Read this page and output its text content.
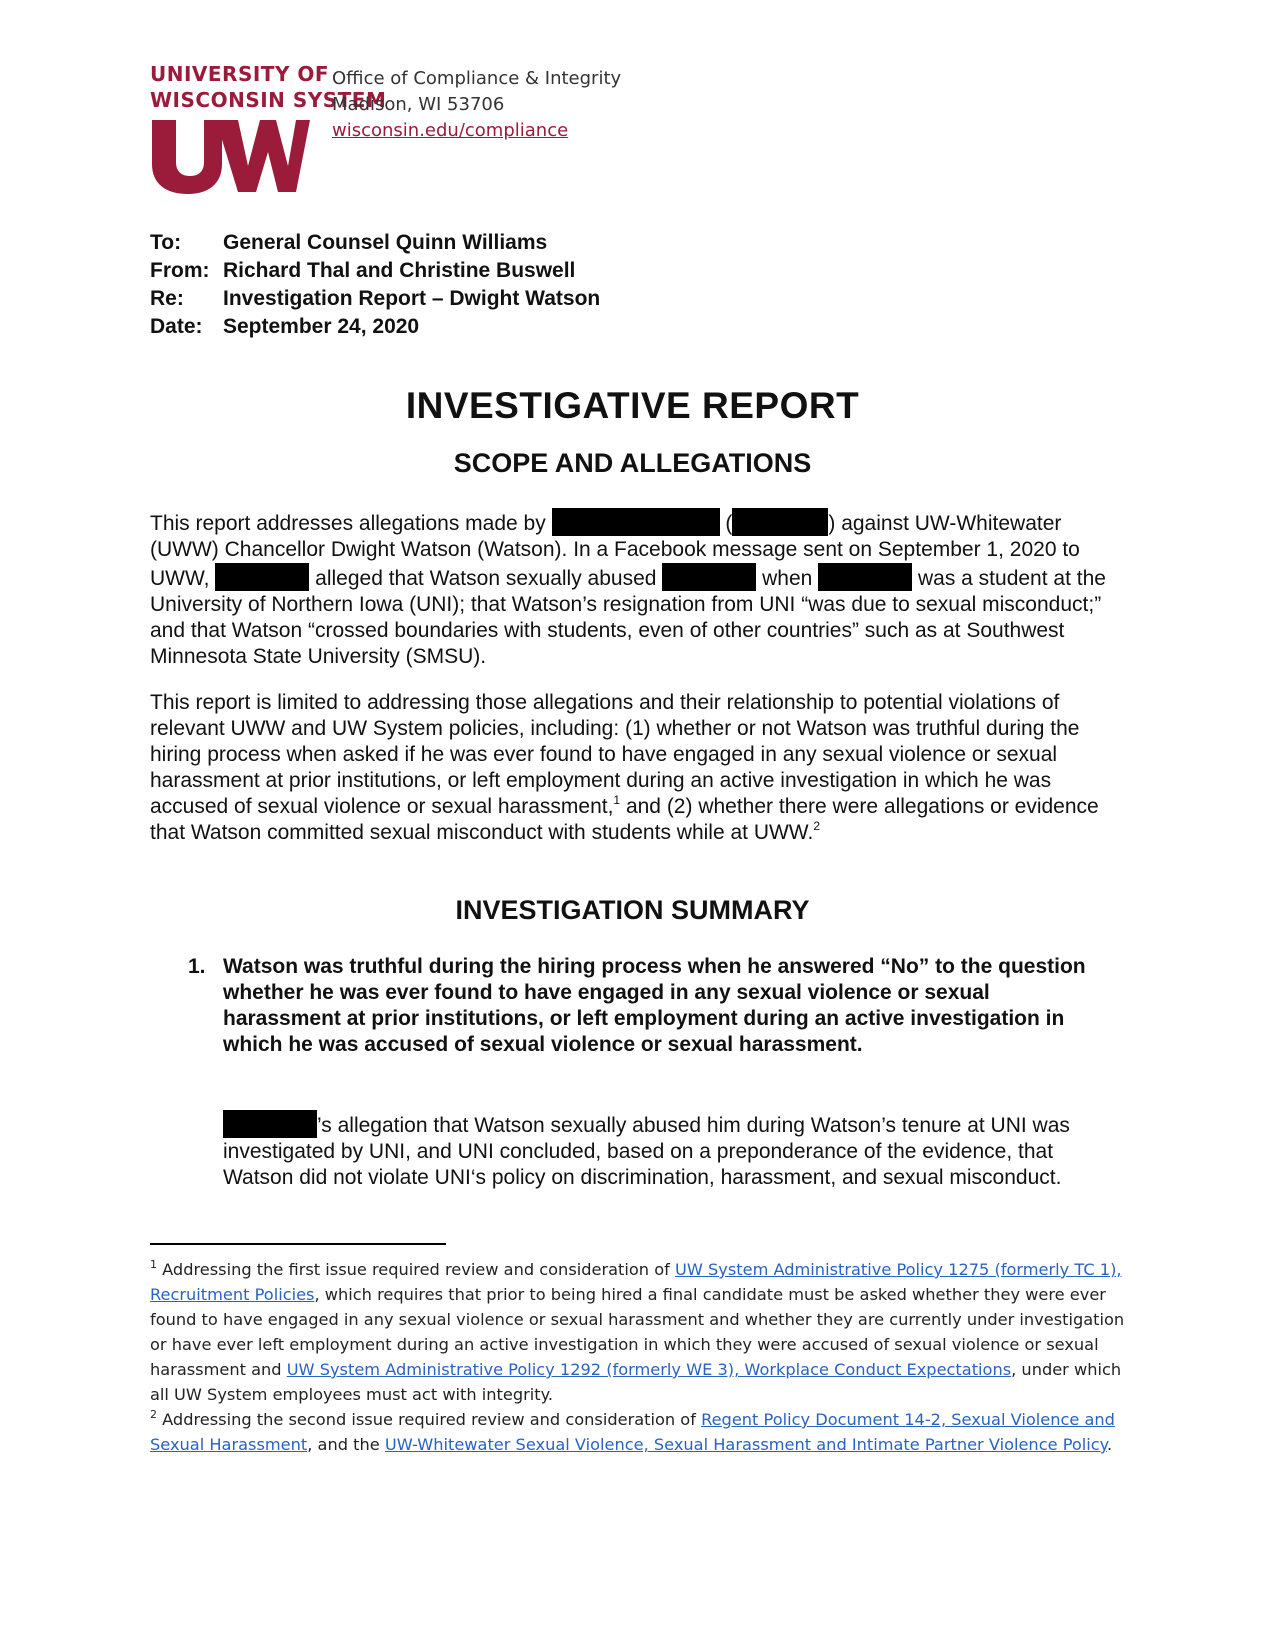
UNIVERSITY OF
WISCONSIN SYSTEM
Office of Compliance & Integrity
Madison, WI 53706
wisconsin.edu/compliance
To:	General Counsel Quinn Williams
From: Richard Thal and Christine Buswell
Re:	Investigation Report – Dwight Watson
Date: September 24, 2020
INVESTIGATIVE REPORT
SCOPE AND ALLEGATIONS

This report addresses allegations made by	(	) against UW-Whitewater (UWW) Chancellor Dwight Watson (Watson). In a Facebook message sent on September 1, 2020 to UWW,	alleged that Watson sexually abused	when	was a student at the University of Northern Iowa (UNI); that Watson’s resignation from UNI “was due to sexual misconduct;” and that Watson “crossed boundaries with students, even of other countries” such as at Southwest Minnesota State University (SMSU).

This report is limited to addressing those allegations and their relationship to potential violations of relevant UWW and UW System policies, including: (1) whether or not Watson was truthful during the hiring process when asked if he was ever found to have engaged in any sexual violence or sexual harassment at prior institutions, or left employment during an active investigation in which he was accused of sexual violence or sexual harassment,$^1$ and (2) whether there were allegations or evidence that Watson committed sexual misconduct with students while at UWW.$^2$

INVESTIGATION SUMMARY
1. Watson was truthful during the hiring process when he answered “No” to the question whether he was ever found to have engaged in any sexual violence or sexual harassment at prior institutions, or left employment during an active investigation in which he was accused of sexual violence or sexual harassment.

’s allegation that Watson sexually abused him during Watson’s tenure at UNI was investigated by UNI, and UNI concluded, based on a preponderance of the evidence, that Watson did not violate UNI‘s policy on discrimination, harassment, and sexual misconduct.

$^1$ Addressing the first issue required review and consideration of UW System Administrative Policy 1275 (formerly TC 1), Recruitment Policies, which requires that prior to being hired a final candidate must be asked whether they were ever found to have engaged in any sexual violence or sexual harassment and whether they are currently under investigation or have ever left employment during an active investigation in which they were accused of sexual violence or sexual harassment and UW System Administrative Policy 1292 (formerly WE 3), Workplace Conduct Expectations, under which all UW System employees must act with integrity.

$^2$ Addressing the second issue required review and consideration of Regent Policy Document 14-2, Sexual Violence and Sexual Harassment, and the UW-Whitewater Sexual Violence, Sexual Harassment and Intimate Partner Violence Policy.
